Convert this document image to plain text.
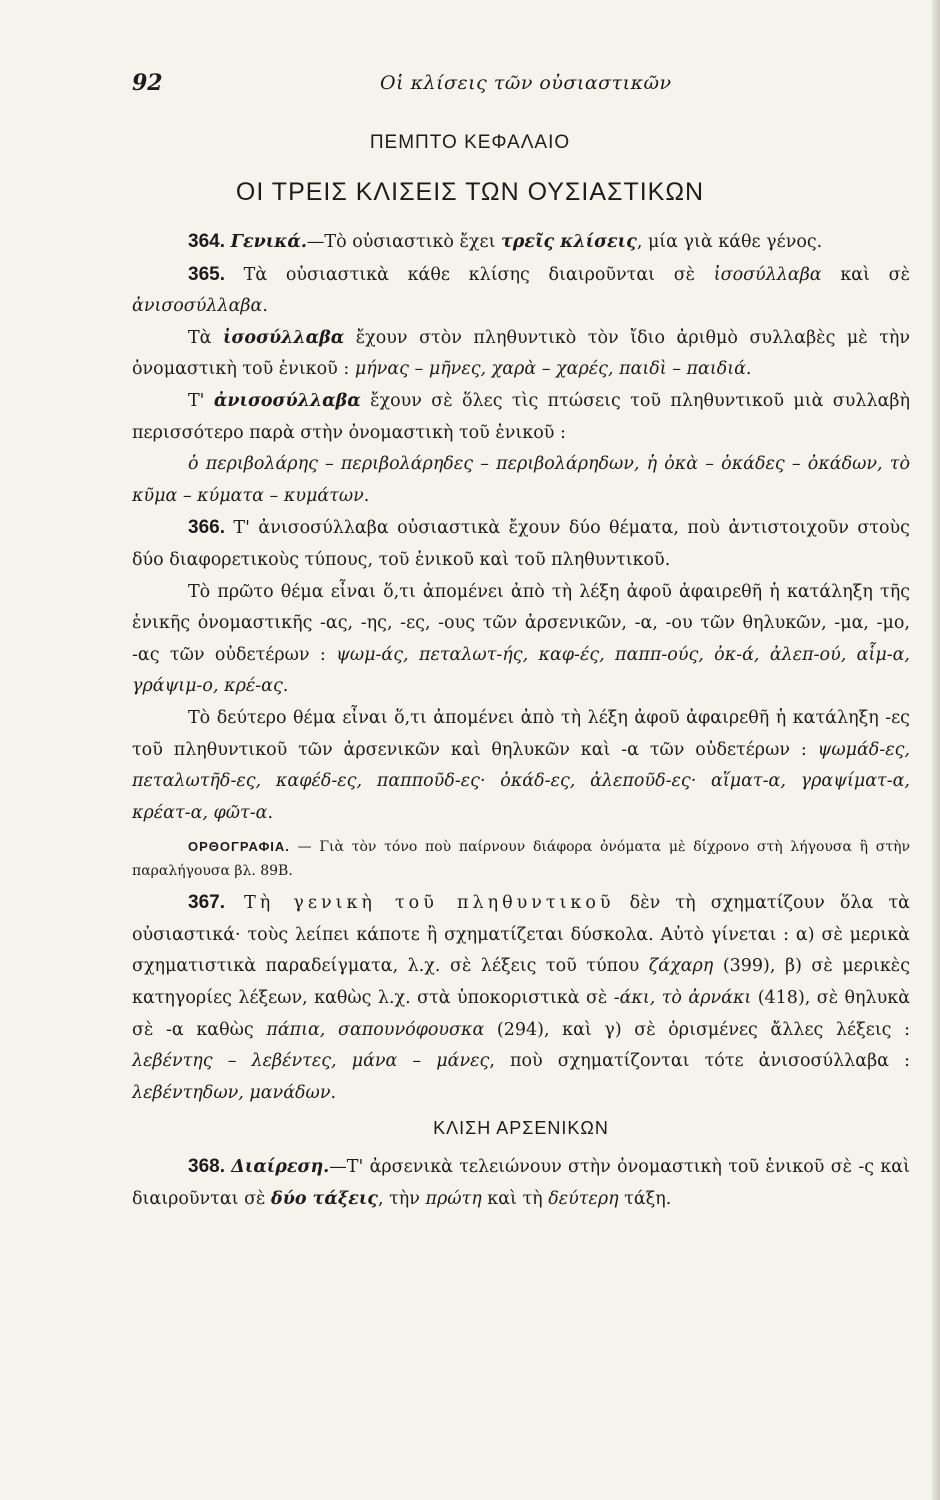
92	Οἱ κλίσεις τῶν οὐσιαστικῶν
ΠΕΜΠΤΟ ΚΕΦΑΛΑΙΟ
ΟΙ ΤΡΕΙΣ ΚΛΙΣΕΙΣ ΤΩΝ ΟΥΣΙΑΣΤΙΚΩΝ

364. Γενικά.—Τὸ οὐσιαστικὸ ἔχει τρεῖς κλίσεις, μία γιὰ κάθε γένος.

365. Τὰ οὐσιαστικὰ κάθε κλίσης διαιροῦνται σὲ ἰσοσύλλαβα καὶ σὲ ἀνισοσύλλαβα.

Τὰ ἰσοσύλλαβα ἔχουν στὸν πληθυντικὸ τὸν ἴδιο ἀριθμὸ συλλαβὲς μὲ τὴν ὀνομαστικὴ τοῦ ἑνικοῦ : μήνας – μῆνες, χαρὰ – χαρές, παιδὶ – παιδιά.

Τ' ἀνισοσύλλαβα ἔχουν σὲ ὅλες τὶς πτώσεις τοῦ πληθυντικοῦ μιὰ συλλαβὴ περισσότερο παρὰ στὴν ὀνομαστικὴ τοῦ ἑνικοῦ :

ὁ περιβολάρης – περιβολάρηδες – περιβολάρηδων, ἡ ὀκὰ – ὀκάδες – ὀκάδων, τὸ κῦμα – κύματα – κυμάτων.

366. Τ' ἀνισοσύλλαβα οὐσιαστικὰ ἔχουν δύο θέματα, ποὺ ἀντιστοιχοῦν στοὺς δύο διαφορετικοὺς τύπους, τοῦ ἑνικοῦ καὶ τοῦ πληθυντικοῦ.

Τὸ πρῶτο θέμα εἶναι ὅ,τι ἀπομένει ἀπὸ τὴ λέξη ἀφοῦ ἀφαιρεθῆ ἡ κατάληξη τῆς ἑνικῆς ὀνομαστικῆς -ας, -ης, -ες, -ους τῶν ἀρσενικῶν, -α, -ου τῶν θηλυκῶν, -μα, -μο, -ας τῶν οὐδετέρων : ψωμ-άς, πεταλωτ-ής, καφ-ές, παππ-ούς, ὀκ-ά, ἀλεπ-ού, αἷμ-α, γράψιμ-ο, κρέ-ας.

Τὸ δεύτερο θέμα εἶναι ὅ,τι ἀπομένει ἀπὸ τὴ λέξη ἀφοῦ ἀφαιρεθῆ ἡ κατάληξη -ες τοῦ πληθυντικοῦ τῶν ἀρσενικῶν καὶ θηλυκῶν καὶ -α τῶν οὐδετέρων : ψωμάδ-ες, πεταλωτῆδ-ες, καφέδ-ες, παπποῦδ-ες· ὀκάδ-ες, ἀλεποῦδ-ες· αἵματ-α, γραψίματ-α, κρέατ-α, φῶτ-α.

ΟΡΘΟΓΡΑΦΙΑ. — Γιὰ τὸν τόνο ποὺ παίρνουν διάφορα ὀνόματα μὲ δίχρονο στὴ λήγουσα ἢ στὴν παραλήγουσα βλ. 89Β.

367. Τὴ γενικὴ τοῦ πληθυντικοῦ δὲν τὴ σχηματίζουν ὅλα τὰ οὐσιαστικά· τοὺς λείπει κάποτε ἢ σχηματίζεται δύσκολα. Αὐτὸ γίνεται : α) σὲ μερικὰ σχηματιστικὰ παραδείγματα, λ.χ. σὲ λέξεις τοῦ τύπου ζάχαρη (399), β) σὲ μερικὲς κατηγορίες λέξεων, καθὼς λ.χ. στὰ ὑποκοριστικὰ σὲ -άκι, τὸ ἀρνάκι (418), σὲ θηλυκὰ σὲ -α καθὼς πάπια, σαπουνόφουσκα (294), καὶ γ) σὲ ὁρισμένες ἄλλες λέξεις : λεβέντης – λεβέντες, μάνα – μάνες, ποὺ σχηματίζονται τότε ἀνισοσύλλαβα : λεβέντηδων, μανάδων.

ΚΛΙΣΗ ΑΡΣΕΝΙΚΩΝ

368. Διαίρεση.—Τ' ἀρσενικὰ τελειώνουν στὴν ὀνομαστικὴ τοῦ ἑνικοῦ σὲ -ς καὶ διαιροῦνται σὲ δύο τάξεις, τὴν πρώτη καὶ τὴ δεύτερη τάξη.
